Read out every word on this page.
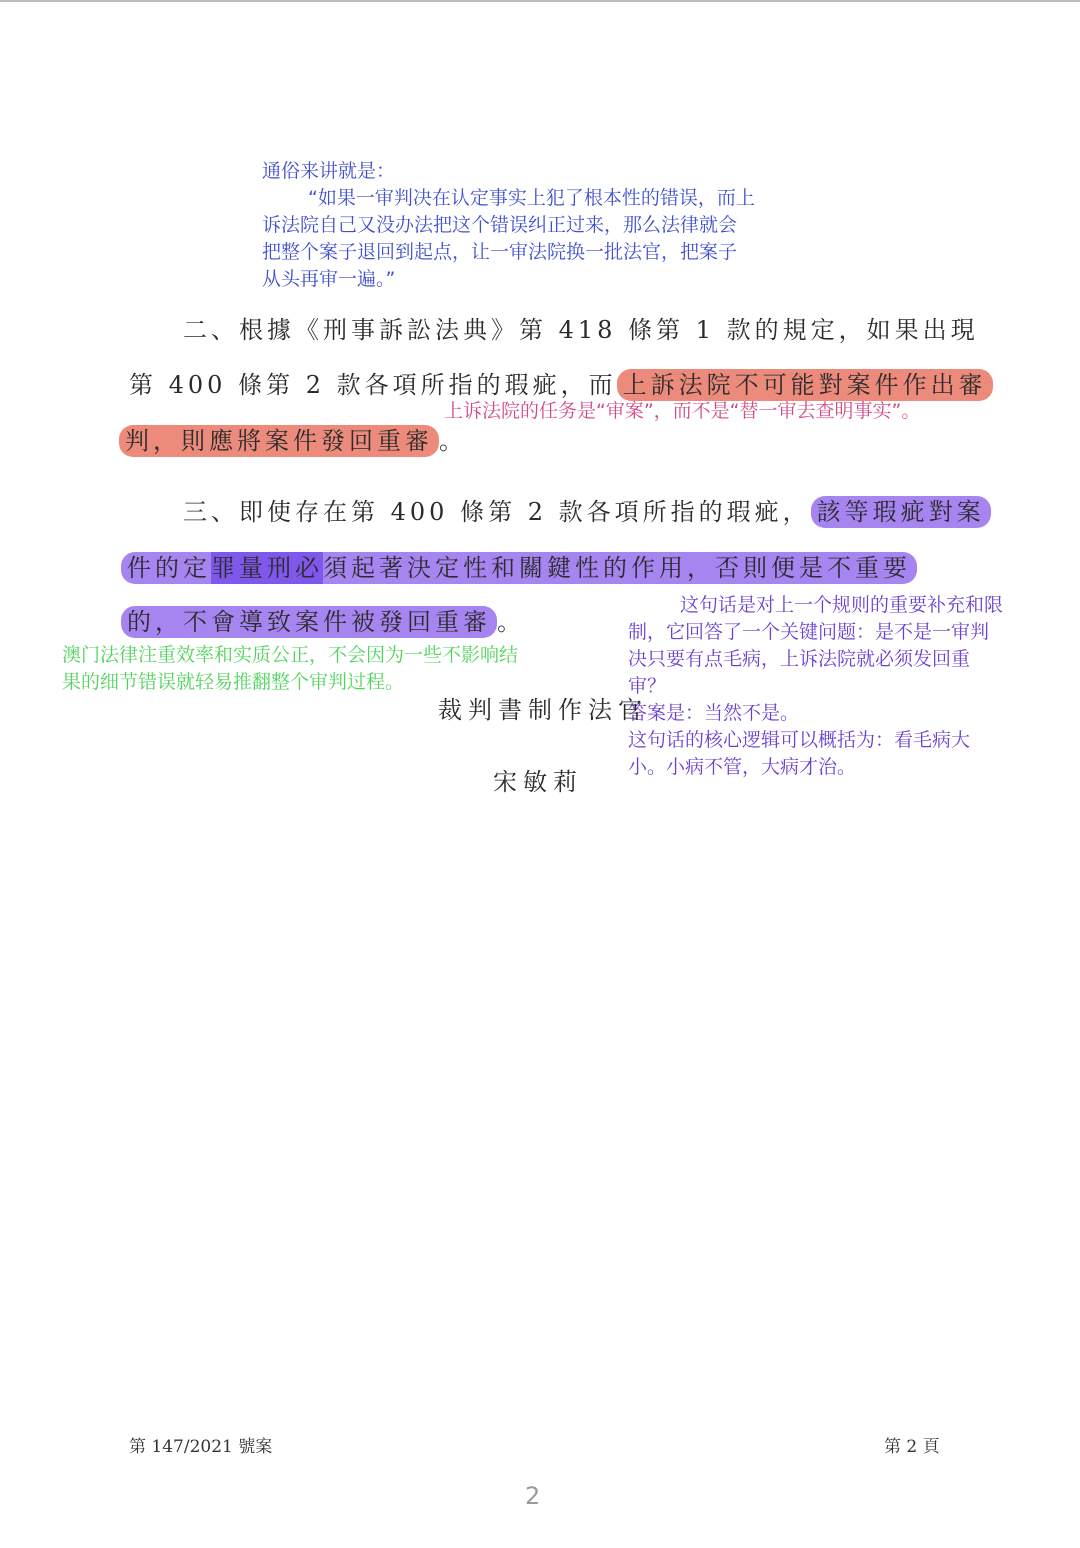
通俗来讲就是：
“如果一审判决在认定事实上犯了根本性的错误，而上
诉法院自己又没办法把这个错误纠正过来，那么法律就会
把整个案子退回到起点，让一审法院换一批法官，把案子
从头再审一遍。”
二、根據《刑事訴訟法典》第 418 條第 1 款的規定，如果出現
第 400 條第 2 款各項所指的瑕疵，而 上訴法院不可能對案件作出審
上诉法院的任务是“审案”，而不是“替一审去查明事实”。
判，則應將案件發回重審 。
三、即使存在第 400 條第 2 款各項所指的瑕疵， 該等瑕疵對案
件的定罪量刑必須起著決定性和關鍵性的作用，否則便是不重要
的，不會導致案件被發回重審 。
澳门法律注重效率和实质公正，不会因为一些不影响结
果的细节错误就轻易推翻整个审判过程。
这句话是对上一个规则的重要补充和限
制，它回答了一个关键问题：是不是一审判
决只要有点毛病，上诉法院就必须发回重
审？
答案是：当然不是。
这句话的核心逻辑可以概括为：看毛病大
小。小病不管，大病才治。
裁判書制作法官
宋敏莉
第 147/2021 號案	第 2 頁
2
